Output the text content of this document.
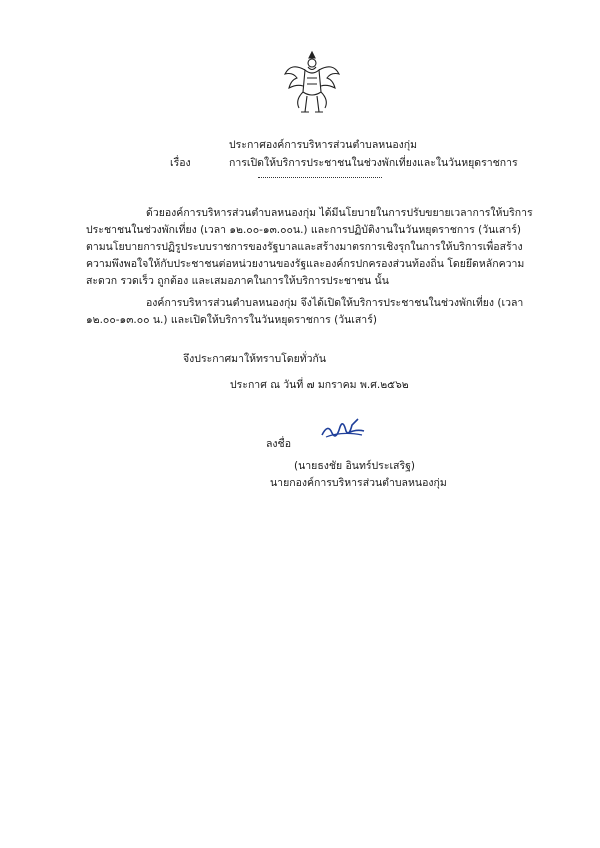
ประกาศองค์การบริหารส่วนตำบลหนองกุ่ม
เรื่อง	การเปิดให้บริการประชาชนในช่วงพักเที่ยงและในวันหยุดราชการ
ด้วยองค์การบริหารส่วนตำบลหนองกุ่ม ได้มีนโยบายในการปรับขยายเวลาการให้บริการประชาชนในช่วงพักเที่ยง (เวลา ๑๒.๐๐-๑๓.๐๐น.) และการปฏิบัติงานในวันหยุดราชการ (วันเสาร์) ตามนโยบายการปฏิรูประบบราชการของรัฐบาลและสร้างมาตรการเชิงรุกในการให้บริการเพื่อสร้างความพึงพอใจให้กับประชาชนต่อหน่วยงานของรัฐและองค์กรปกครองส่วนท้องถิ่น โดยยึดหลักความสะดวก รวดเร็ว ถูกต้อง และเสมอภาคในการให้บริการประชาชน นั้น
องค์การบริหารส่วนตำบลหนองกุ่ม จึงได้เปิดให้บริการประชาชนในช่วงพักเที่ยง (เวลา ๑๒.๐๐-๑๓.๐๐ น.) และเปิดให้บริการในวันหยุดราชการ (วันเสาร์)
จึงประกาศมาให้ทราบโดยทั่วกัน
ประกาศ ณ วันที่ ๗ มกราคม พ.ศ.๒๕๖๒
ลงชื่อ
(นายธงชัย อินทร์ประเสริฐ)
นายกองค์การบริหารส่วนตำบลหนองกุ่ม
